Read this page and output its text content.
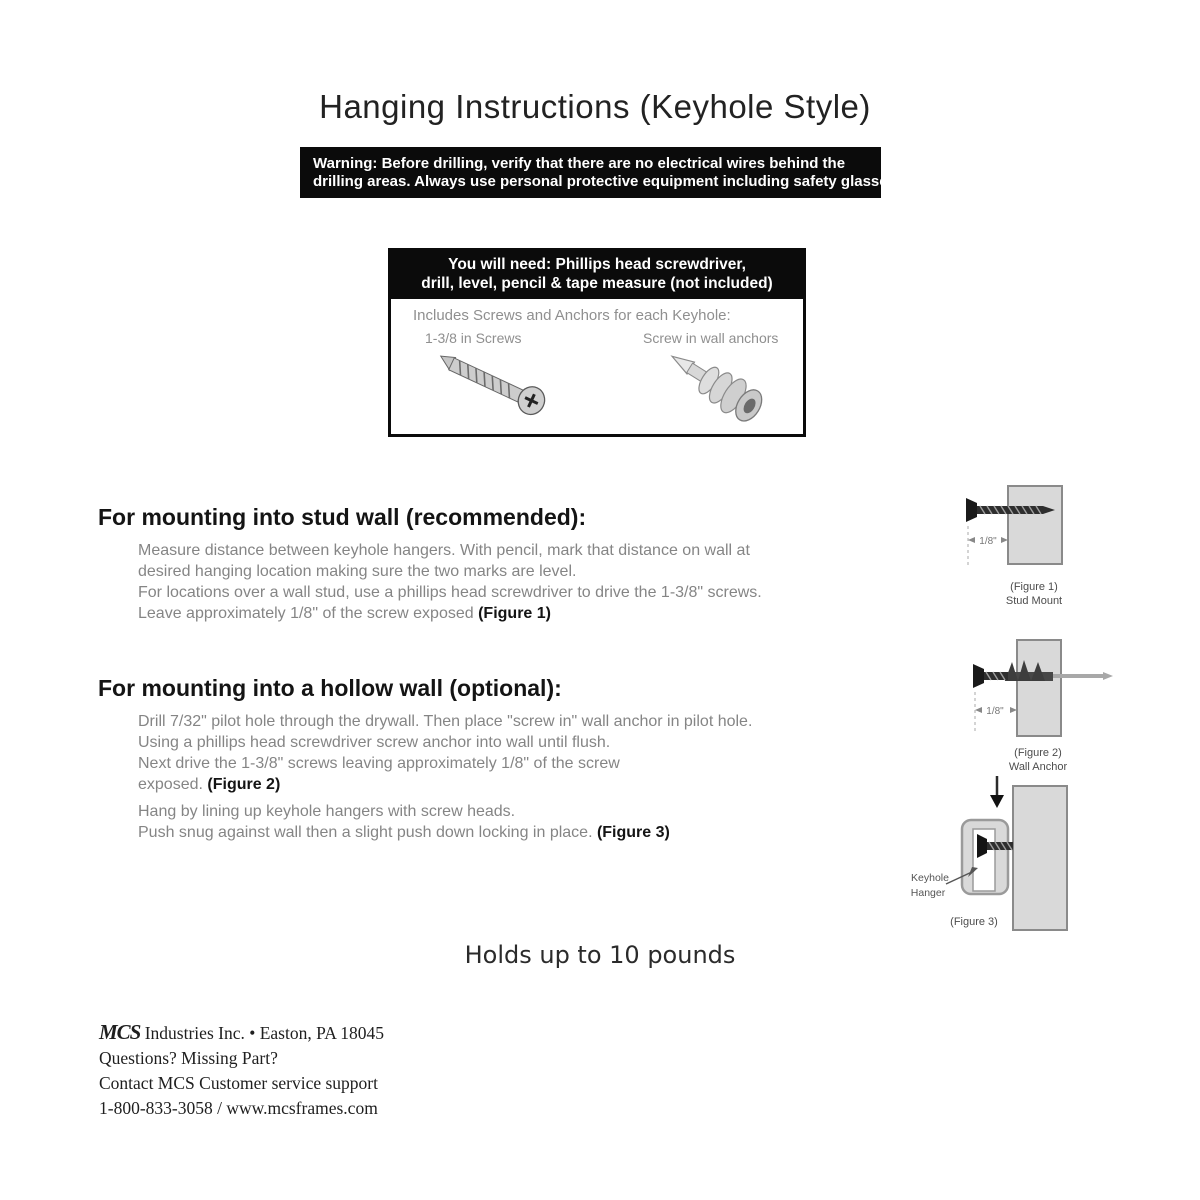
Hanging Instructions (Keyhole Style)
Warning: Before drilling, verify that there are no electrical wires behind the
drilling areas. Always use personal protective equipment including safety glasses.
You will need: Phillips head screwdriver,
drill, level, pencil & tape measure (not included)
Includes Screws and Anchors for each Keyhole:
1-3/8 in Screws	Screw in wall anchors
For mounting into stud wall (recommended):
Measure distance between keyhole hangers. With pencil, mark that distance on wall at
desired hanging location making sure the two marks are level.
For locations over a wall stud, use a phillips head screwdriver to drive the 1-3/8" screws.
Leave approximately 1/8" of the screw exposed (Figure 1)
For mounting into a hollow wall (optional):
Drill 7/32" pilot hole through the drywall. Then place "screw in" wall anchor in pilot hole.
Using a phillips head screwdriver screw anchor into wall until flush.
Next drive the 1-3/8" screws leaving approximately 1/8" of the screw
exposed. (Figure 2)
Hang by lining up keyhole hangers with screw heads.
Push snug against wall then a slight push down locking in place. (Figure 3)
1/8"
(Figure 1)
Stud Mount
1/8"
(Figure 2)
Wall Anchor
Keyhole
Hanger
(Figure 3)
Holds up to 10 pounds
MCS Industries Inc. • Easton, PA 18045
Questions? Missing Part?
Contact MCS Customer service support
1-800-833-3058 / www.mcsframes.com
